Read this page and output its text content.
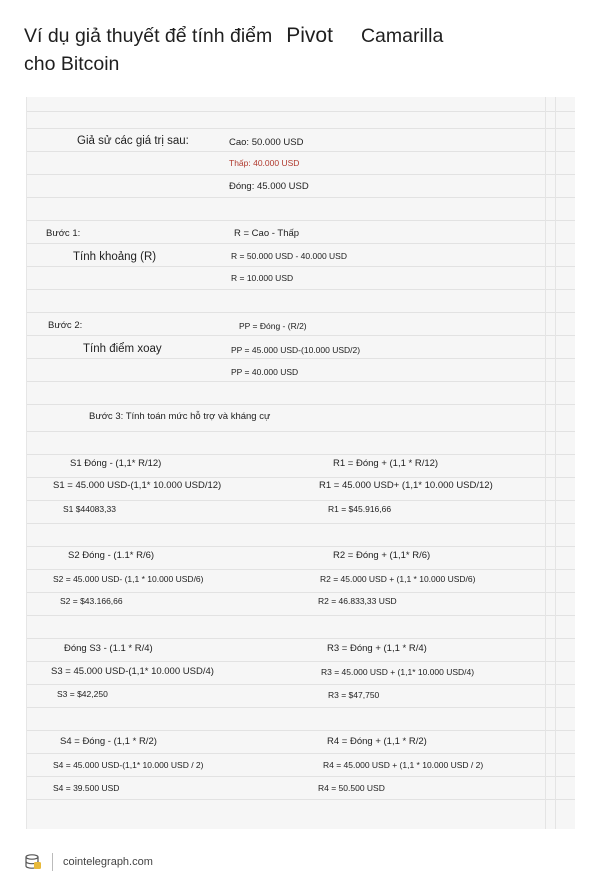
Ví dụ giả thuyết để tính điểm Pivot Camarilla
cho Bitcoin
Giả sử các giá trị sau:	Cao: 50.000 USD
Thấp: 40.000 USD
Đóng: 45.000 USD
Bước 1:	R = Cao - Thấp
Tính khoảng (R)	R = 50.000 USD - 40.000 USD
R = 10.000 USD
Bước 2:	PP = Đóng - (R/2)
Tính điểm xoay	PP = 45.000 USD-(10.000 USD/2)
PP = 40.000 USD
Bước 3: Tính toán mức hỗ trợ và kháng cự
S1 Đóng - (1,1* R/12)	R1 = Đóng + (1,1 * R/12)
S1 = 45.000 USD-(1,1* 10.000 USD/12)	R1 = 45.000 USD+ (1,1* 10.000 USD/12)
S1 $44083,33	R1 = $45.916,66
S2 Đóng - (1.1* R/6)	R2 = Đóng + (1,1* R/6)
S2 = 45.000 USD- (1,1 * 10.000 USD/6)	R2 = 45.000 USD + (1,1 * 10.000 USD/6)
S2 = $43.166,66	R2 = 46.833,33 USD
Đóng S3 - (1.1 * R/4)	R3 = Đóng + (1,1 * R/4)
S3 = 45.000 USD-(1,1* 10.000 USD/4)	R3 = 45.000 USD + (1,1* 10.000 USD/4)
S3 = $42,250	R3 = $47,750
S4 = Đóng - (1,1 * R/2)	R4 = Đóng + (1,1 * R/2)
S4 = 45.000 USD-(1,1* 10.000 USD / 2)	R4 = 45.000 USD + (1,1 * 10.000 USD / 2)
S4 = 39.500 USD	R4 = 50.500 USD
cointelegraph.com
